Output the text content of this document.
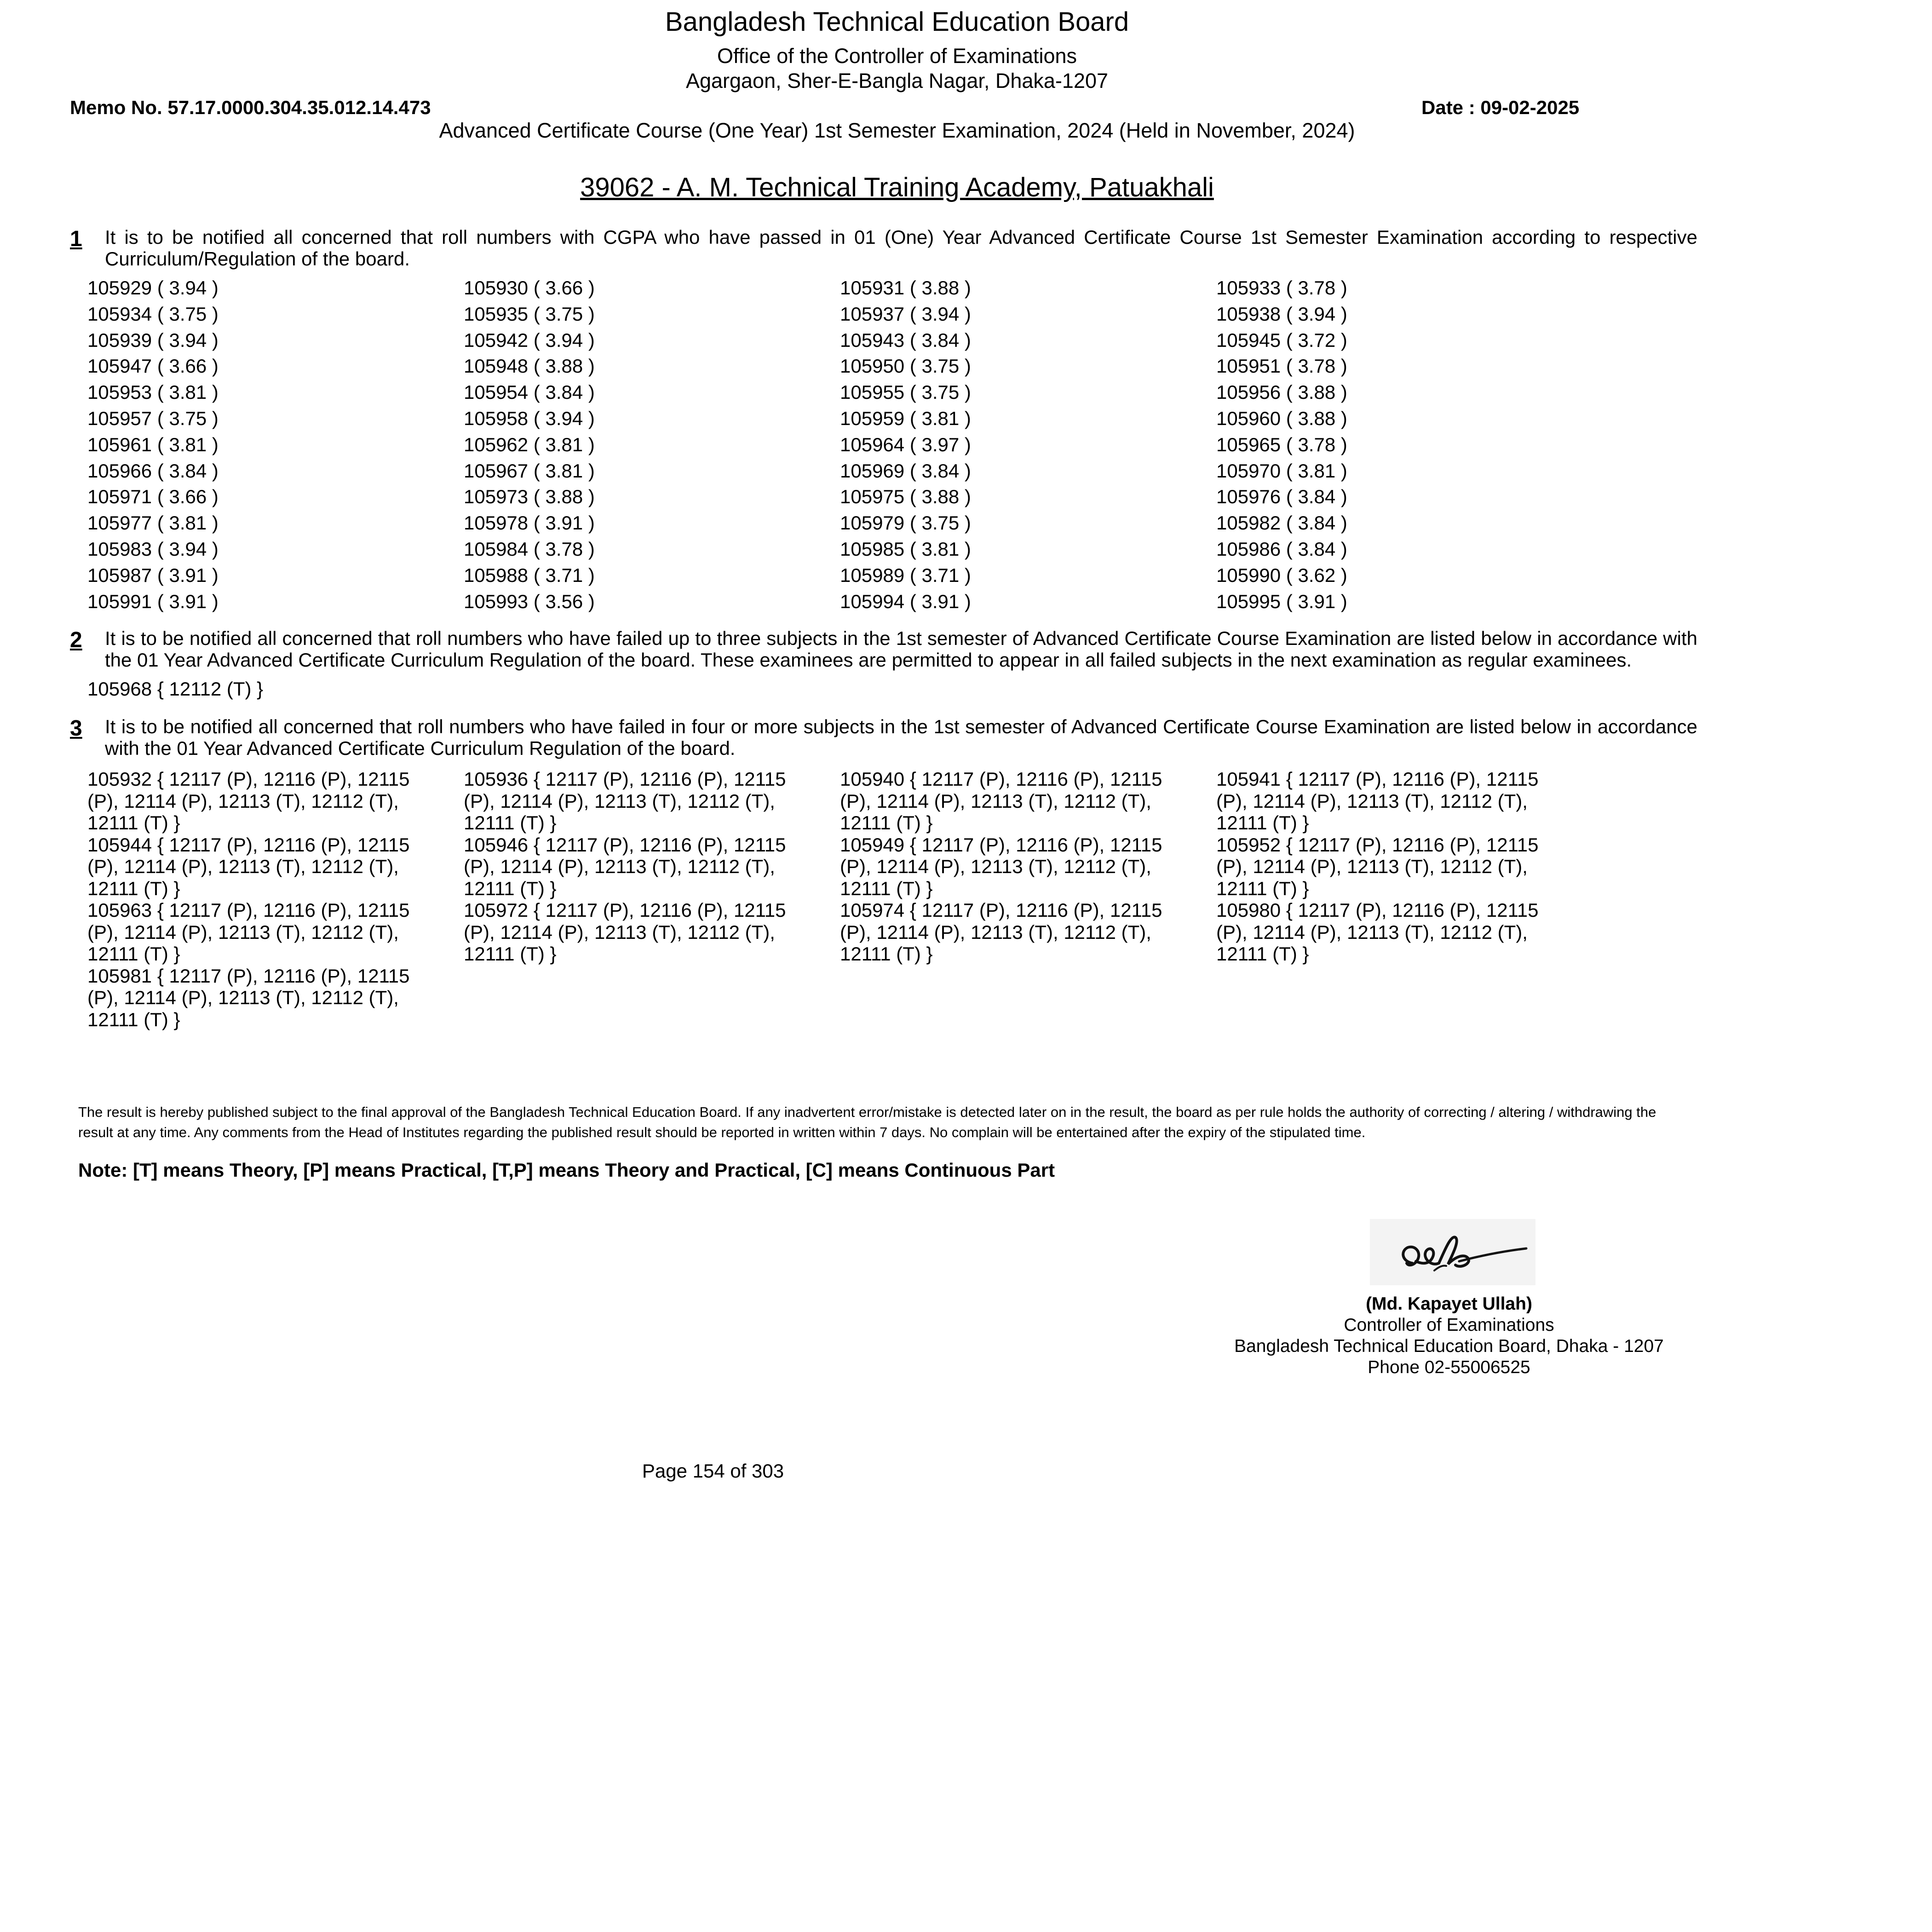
Bangladesh Technical Education Board
Office of the Controller of Examinations
Agargaon, Sher-E-Bangla Nagar, Dhaka-1207
Memo No. 57.17.0000.304.35.012.14.473	Date : 09-02-2025
Advanced Certificate Course (One Year) 1st Semester Examination, 2024 (Held in November, 2024)
39062 - A. M. Technical Training Academy, Patuakhali
1 It is to be notified all concerned that roll numbers with CGPA who have passed in 01 (One) Year Advanced Certificate Course 1st Semester Examination according to respective Curriculum/Regulation of the board.
105929 ( 3.94 )	105930 ( 3.66 )	105931 ( 3.88 )	105933 ( 3.78 )
105934 ( 3.75 )	105935 ( 3.75 )	105937 ( 3.94 )	105938 ( 3.94 )
105939 ( 3.94 )	105942 ( 3.94 )	105943 ( 3.84 )	105945 ( 3.72 )
105947 ( 3.66 )	105948 ( 3.88 )	105950 ( 3.75 )	105951 ( 3.78 )
105953 ( 3.81 )	105954 ( 3.84 )	105955 ( 3.75 )	105956 ( 3.88 )
105957 ( 3.75 )	105958 ( 3.94 )	105959 ( 3.81 )	105960 ( 3.88 )
105961 ( 3.81 )	105962 ( 3.81 )	105964 ( 3.97 )	105965 ( 3.78 )
105966 ( 3.84 )	105967 ( 3.81 )	105969 ( 3.84 )	105970 ( 3.81 )
105971 ( 3.66 )	105973 ( 3.88 )	105975 ( 3.88 )	105976 ( 3.84 )
105977 ( 3.81 )	105978 ( 3.91 )	105979 ( 3.75 )	105982 ( 3.84 )
105983 ( 3.94 )	105984 ( 3.78 )	105985 ( 3.81 )	105986 ( 3.84 )
105987 ( 3.91 )	105988 ( 3.71 )	105989 ( 3.71 )	105990 ( 3.62 )
105991 ( 3.91 )	105993 ( 3.56 )	105994 ( 3.91 )	105995 ( 3.91 )
2 It is to be notified all concerned that roll numbers who have failed up to three subjects in the 1st semester of Advanced Certificate Course Examination are listed below in accordance with the 01 Year Advanced Certificate Curriculum Regulation of the board. These examinees are permitted to appear in all failed subjects in the next examination as regular examinees.
105968 { 12112 (T) }
3 It is to be notified all concerned that roll numbers who have failed in four or more subjects in the 1st semester of Advanced Certificate Course Examination are listed below in accordance with the 01 Year Advanced Certificate Curriculum Regulation of the board.
105932 { 12117 (P), 12116 (P), 12115 (P), 12114 (P), 12113 (T), 12112 (T), 12111 (T) }
105936 { 12117 (P), 12116 (P), 12115 (P), 12114 (P), 12113 (T), 12112 (T), 12111 (T) }
105940 { 12117 (P), 12116 (P), 12115 (P), 12114 (P), 12113 (T), 12112 (T), 12111 (T) }
105941 { 12117 (P), 12116 (P), 12115 (P), 12114 (P), 12113 (T), 12112 (T), 12111 (T) }
105944 { 12117 (P), 12116 (P), 12115 (P), 12114 (P), 12113 (T), 12112 (T), 12111 (T) }
105946 { 12117 (P), 12116 (P), 12115 (P), 12114 (P), 12113 (T), 12112 (T), 12111 (T) }
105949 { 12117 (P), 12116 (P), 12115 (P), 12114 (P), 12113 (T), 12112 (T), 12111 (T) }
105952 { 12117 (P), 12116 (P), 12115 (P), 12114 (P), 12113 (T), 12112 (T), 12111 (T) }
105963 { 12117 (P), 12116 (P), 12115 (P), 12114 (P), 12113 (T), 12112 (T), 12111 (T) }
105972 { 12117 (P), 12116 (P), 12115 (P), 12114 (P), 12113 (T), 12112 (T), 12111 (T) }
105974 { 12117 (P), 12116 (P), 12115 (P), 12114 (P), 12113 (T), 12112 (T), 12111 (T) }
105980 { 12117 (P), 12116 (P), 12115 (P), 12114 (P), 12113 (T), 12112 (T), 12111 (T) }
105981 { 12117 (P), 12116 (P), 12115 (P), 12114 (P), 12113 (T), 12112 (T), 12111 (T) }
The result is hereby published subject to the final approval of the Bangladesh Technical Education Board. If any inadvertent error/mistake is detected later on in the result, the board as per rule holds the authority of correcting / altering / withdrawing the result at any time. Any comments from the Head of Institutes regarding the published result should be reported in written within 7 days. No complain will be entertained after the expiry of the stipulated time.
Note: [T] means Theory, [P] means Practical, [T,P] means Theory and Practical, [C] means Continuous Part
(Md. Kapayet Ullah)
Controller of Examinations
Bangladesh Technical Education Board, Dhaka - 1207
Phone 02-55006525
Page 154 of 303
